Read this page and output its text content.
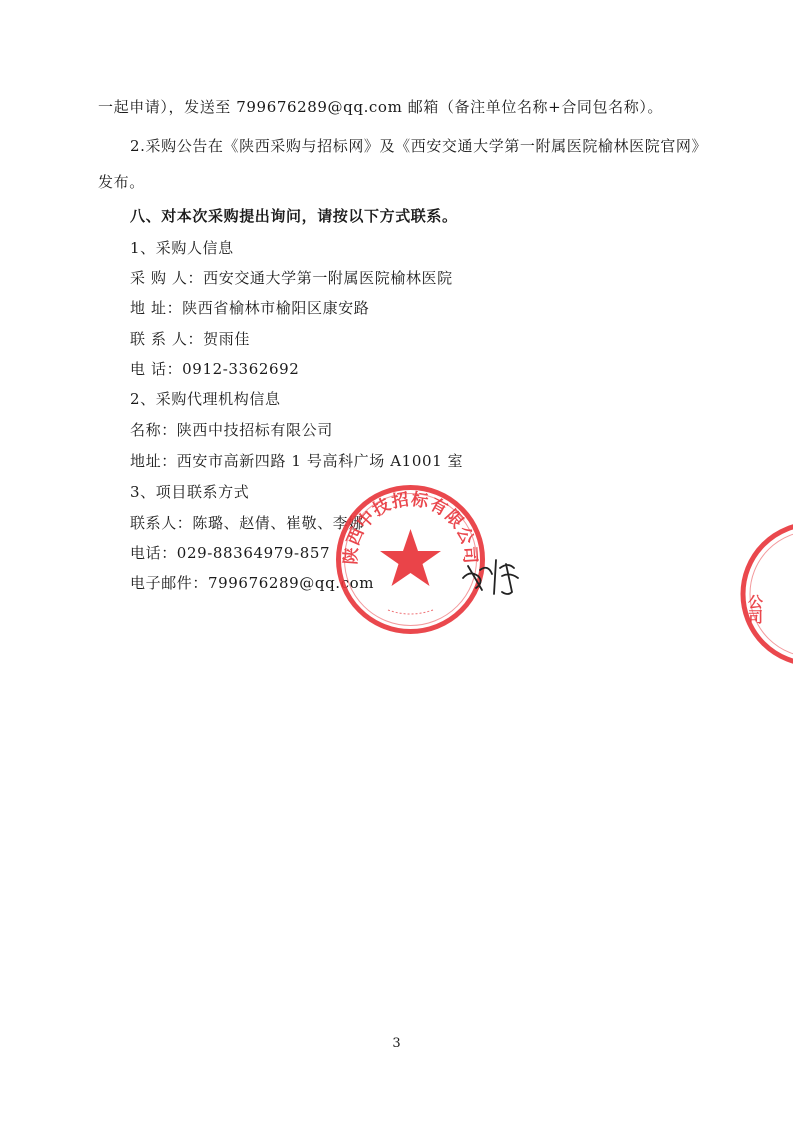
一起申请），发送至 799676289@qq.com 邮箱（备注单位名称+合同包名称）。
2.采购公告在《陕西采购与招标网》及《西安交通大学第一附属医院榆林医院官网》
发布。
八、对本次采购提出询问，请按以下方式联系。
1、采购人信息
采 购 人：西安交通大学第一附属医院榆林医院
地 址：陕西省榆林市榆阳区康安路
联 系 人：贺雨佳
电 话：0912-3362692
2、采购代理机构信息
名称：陕西中技招标有限公司
地址：西安市高新四路 1 号高科广场 A1001 室
3、项目联系方式
联系人：陈璐、赵倩、崔敬、李娜
电话：029-88364979-857
电子邮件：799676289@qq.com
陕西中技招标有限公司
公司
3
